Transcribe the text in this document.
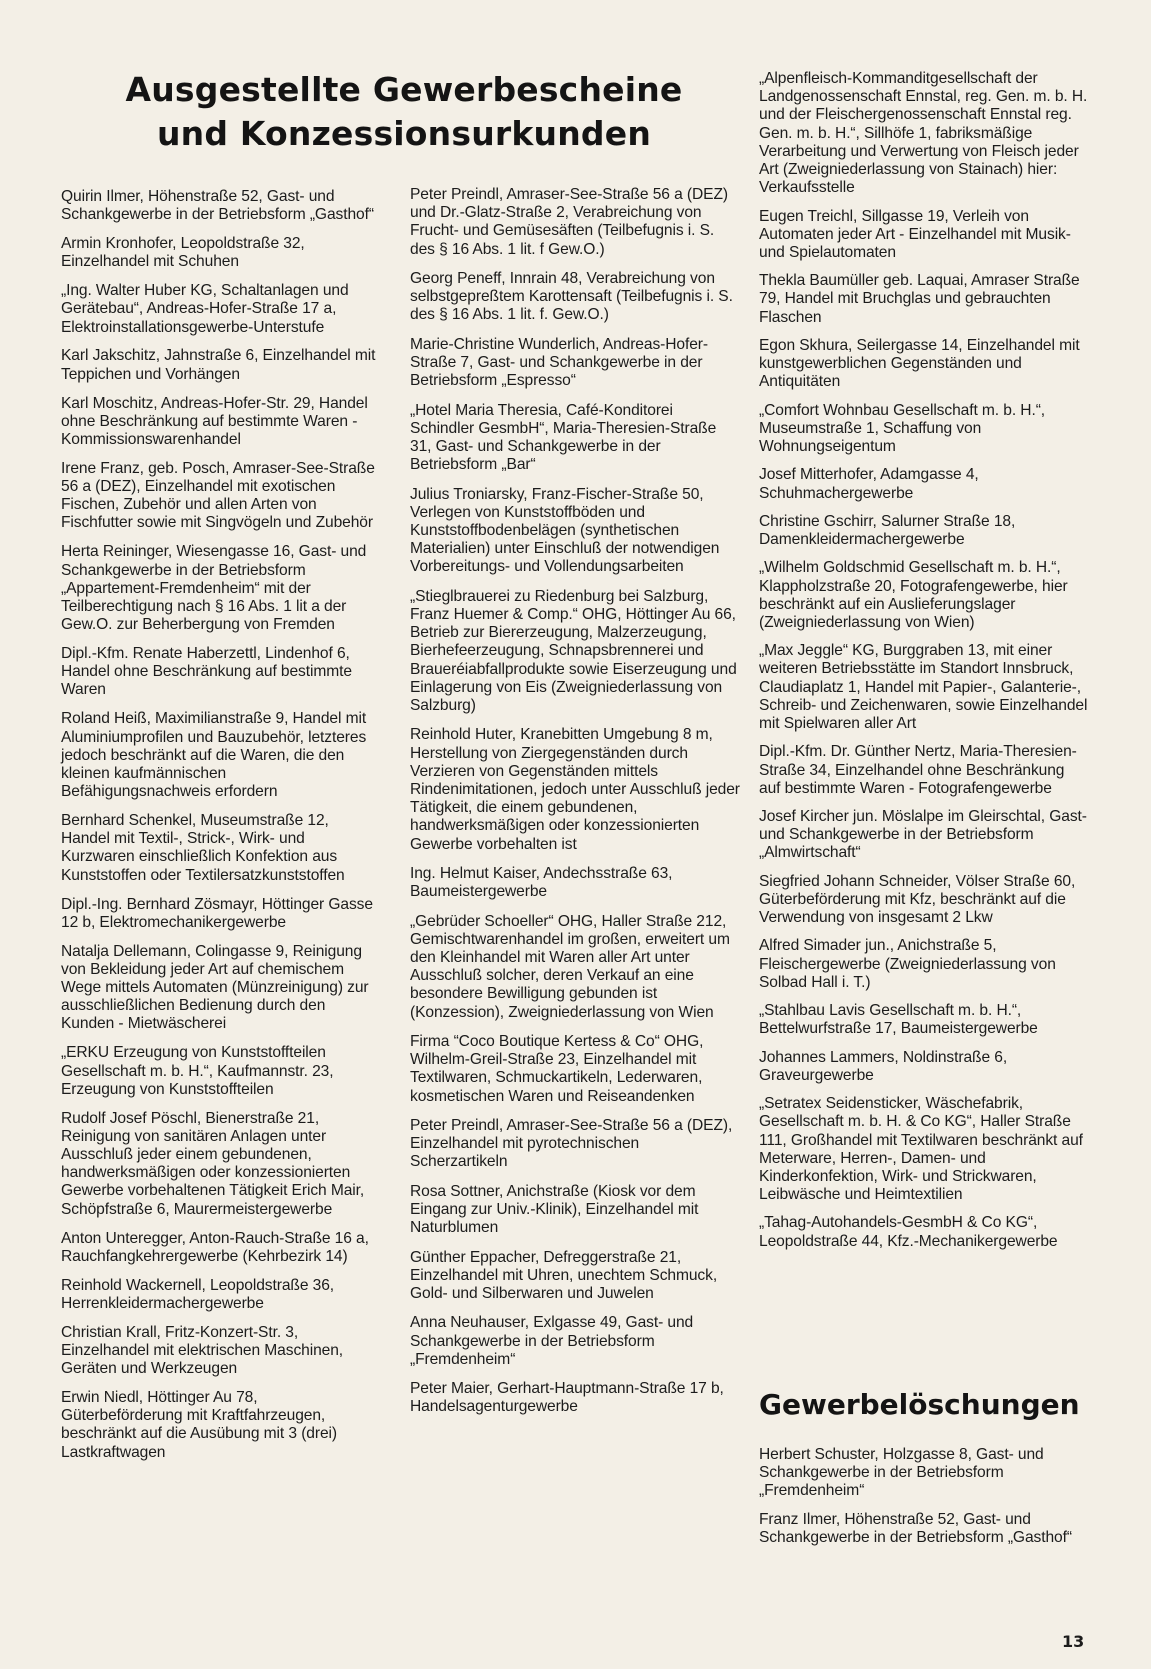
Ausgestellte Gewerbescheine
und Konzessionsurkunden

Quirin Ilmer, Höhenstraße 52, Gast- und Schankgewerbe in der Betriebsform „Gasthof“

Armin Kronhofer, Leopoldstraße 32, Einzelhandel mit Schuhen

„Ing. Walter Huber KG, Schaltanlagen und Gerätebau“, Andreas-Hofer-Straße 17 a, Elektroinstallationsgewerbe-Unterstufe

Karl Jakschitz, Jahnstraße 6, Einzelhandel mit Teppichen und Vorhängen

Karl Moschitz, Andreas-Hofer-Str. 29, Handel ohne Beschränkung auf bestimmte Waren - Kommissionswarenhandel

Irene Franz, geb. Posch, Amraser-See-Straße 56 a (DEZ), Einzelhandel mit exotischen Fischen, Zubehör und allen Arten von Fischfutter sowie mit Singvögeln und Zubehör

Herta Reininger, Wiesengasse 16, Gast- und Schankgewerbe in der Betriebsform „Appartement-Fremdenheim“ mit der Teilberechtigung nach § 16 Abs. 1 lit a der Gew.O. zur Beherbergung von Fremden

Dipl.-Kfm. Renate Haberzettl, Lindenhof 6, Handel ohne Beschränkung auf bestimmte Waren

Roland Heiß, Maximilianstraße 9, Handel mit Aluminiumprofilen und Bauzubehör, letzteres jedoch beschränkt auf die Waren, die den kleinen kaufmännischen Befähigungsnachweis erfordern

Bernhard Schenkel, Museumstraße 12, Handel mit Textil-, Strick-, Wirk- und Kurzwaren einschließlich Konfektion aus Kunststoffen oder Textilersatzkunststoffen

Dipl.-Ing. Bernhard Zösmayr, Höttinger Gasse 12 b, Elektromechanikergewerbe

Natalja Dellemann, Colingasse 9, Reinigung von Bekleidung jeder Art auf chemischem Wege mittels Automaten (Münzreinigung) zur ausschließlichen Bedienung durch den Kunden - Mietwäscherei

„ERKU Erzeugung von Kunststoffteilen Gesellschaft m. b. H.“, Kaufmannstr. 23, Erzeugung von Kunststoffteilen

Rudolf Josef Pöschl, Bienerstraße 21, Reinigung von sanitären Anlagen unter Ausschluß jeder einem gebundenen, handwerksmäßigen oder konzessionierten Gewerbe vorbehaltenen Tätigkeit Erich Mair, Schöpfstraße 6, Maurermeistergewerbe

Anton Unteregger, Anton-Rauch-Straße 16 a, Rauchfangkehrergewerbe (Kehrbezirk 14)

Reinhold Wackernell, Leopoldstraße 36, Herrenkleidermachergewerbe

Christian Krall, Fritz-Konzert-Str. 3, Einzelhandel mit elektrischen Maschinen, Geräten und Werkzeugen

Erwin Niedl, Höttinger Au 78, Güterbeförderung mit Kraftfahrzeugen, beschränkt auf die Ausübung mit 3 (drei) Lastkraftwagen

Peter Preindl, Amraser-See-Straße 56 a (DEZ) und Dr.-Glatz-Straße 2, Verabreichung von Frucht- und Gemüsesäften (Teilbefugnis i. S. des § 16 Abs. 1 lit. f Gew.O.)

Georg Peneff, Innrain 48, Verabreichung von selbstgepreßtem Karottensaft (Teilbefugnis i. S. des § 16 Abs. 1 lit. f. Gew.O.)

Marie-Christine Wunderlich, Andreas-Hofer-Straße 7, Gast- und Schankgewerbe in der Betriebsform „Espresso“

„Hotel Maria Theresia, Café-Konditorei Schindler GesmbH“, Maria-Theresien-Straße 31, Gast- und Schankgewerbe in der Betriebsform „Bar“

Julius Troniarsky, Franz-Fischer-Straße 50, Verlegen von Kunststoffböden und Kunststoffbodenbelägen (synthetischen Materialien) unter Einschluß der notwendigen Vorbereitungs- und Vollendungsarbeiten

„Stieglbrauerei zu Riedenburg bei Salzburg, Franz Huemer & Comp.“ OHG, Höttinger Au 66, Betrieb zur Biererzeugung, Malzerzeugung, Bierhefeerzeugung, Schnapsbrennerei und Braueréiabfallprodukte sowie Eiserzeugung und Einlagerung von Eis (Zweigniederlassung von Salzburg)

Reinhold Huter, Kranebitten Umgebung 8 m, Herstellung von Ziergegenständen durch Verzieren von Gegenständen mittels Rindenimitationen, jedoch unter Ausschluß jeder Tätigkeit, die einem gebundenen, handwerksmäßigen oder konzessionierten Gewerbe vorbehalten ist

Ing. Helmut Kaiser, Andechsstraße 63, Baumeistergewerbe

„Gebrüder Schoeller“ OHG, Haller Straße 212, Gemischtwarenhandel im großen, erweitert um den Kleinhandel mit Waren aller Art unter Ausschluß solcher, deren Verkauf an eine besondere Bewilligung gebunden ist (Konzession), Zweigniederlassung von Wien

Firma “Coco Boutique Kertess & Co“ OHG, Wilhelm-Greil-Straße 23, Einzelhandel mit Textilwaren, Schmuckartikeln, Lederwaren, kosmetischen Waren und Reiseandenken

Peter Preindl, Amraser-See-Straße 56 a (DEZ), Einzelhandel mit pyrotechnischen Scherzartikeln

Rosa Sottner, Anichstraße (Kiosk vor dem Eingang zur Univ.-Klinik), Einzelhandel mit Naturblumen

Günther Eppacher, Defreggerstraße 21, Einzelhandel mit Uhren, unechtem Schmuck, Gold- und Silberwaren und Juwelen

Anna Neuhauser, Exlgasse 49, Gast- und Schankgewerbe in der Betriebsform „Fremdenheim“

Peter Maier, Gerhart-Hauptmann-Straße 17 b, Handelsagenturgewerbe

„Alpenfleisch-Kommanditgesellschaft der Landgenossenschaft Ennstal, reg. Gen. m. b. H. und der Fleischergenossenschaft Ennstal reg. Gen. m. b. H.“, Sillhöfe 1, fabriksmäßige Verarbeitung und Verwertung von Fleisch jeder Art (Zweigniederlassung von Stainach) hier: Verkaufsstelle

Eugen Treichl, Sillgasse 19, Verleih von Automaten jeder Art - Einzelhandel mit Musik- und Spielautomaten

Thekla Baumüller geb. Laquai, Amraser Straße 79, Handel mit Bruchglas und gebrauchten Flaschen

Egon Skhura, Seilergasse 14, Einzelhandel mit kunstgewerblichen Gegenständen und Antiquitäten

„Comfort Wohnbau Gesellschaft m. b. H.“, Museumstraße 1, Schaffung von Wohnungseigentum

Josef Mitterhofer, Adamgasse 4, Schuhmachergewerbe

Christine Gschirr, Salurner Straße 18, Damenkleidermachergewerbe

„Wilhelm Goldschmid Gesellschaft m. b. H.“, Klappholzstraße 20, Fotografengewerbe, hier beschränkt auf ein Auslieferungslager (Zweigniederlassung von Wien)

„Max Jeggle“ KG, Burggraben 13, mit einer weiteren Betriebsstätte im Standort Innsbruck, Claudiaplatz 1, Handel mit Papier-, Galanterie-, Schreib- und Zeichenwaren, sowie Einzelhandel mit Spielwaren aller Art

Dipl.-Kfm. Dr. Günther Nertz, Maria-Theresien-Straße 34, Einzelhandel ohne Beschränkung auf bestimmte Waren - Fotografengewerbe

Josef Kircher jun. Möslalpe im Gleirschtal, Gast- und Schankgewerbe in der Betriebsform „Almwirtschaft“

Siegfried Johann Schneider, Völser Straße 60, Güterbeförderung mit Kfz, beschränkt auf die Verwendung von insgesamt 2 Lkw

Alfred Simader jun., Anichstraße 5, Fleischergewerbe (Zweigniederlassung von Solbad Hall i. T.)

„Stahlbau Lavis Gesellschaft m. b. H.“, Bettelwurfstraße 17, Baumeistergewerbe

Johannes Lammers, Noldinstraße 6, Graveurgewerbe

„Setratex Seidensticker, Wäschefabrik, Gesellschaft m. b. H. & Co KG“, Haller Straße 111, Großhandel mit Textilwaren beschränkt auf Meterware, Herren-, Damen- und Kinderkonfektion, Wirk- und Strickwaren, Leibwäsche und Heimtextilien

„Tahag-Autohandels-GesmbH & Co KG“, Leopoldstraße 44, Kfz.-Mechanikergewerbe

Gewerbelöschungen

Herbert Schuster, Holzgasse 8, Gast- und Schankgewerbe in der Betriebsform „Fremdenheim“

Franz Ilmer, Höhenstraße 52, Gast- und Schankgewerbe in der Betriebsform „Gasthof“

13
